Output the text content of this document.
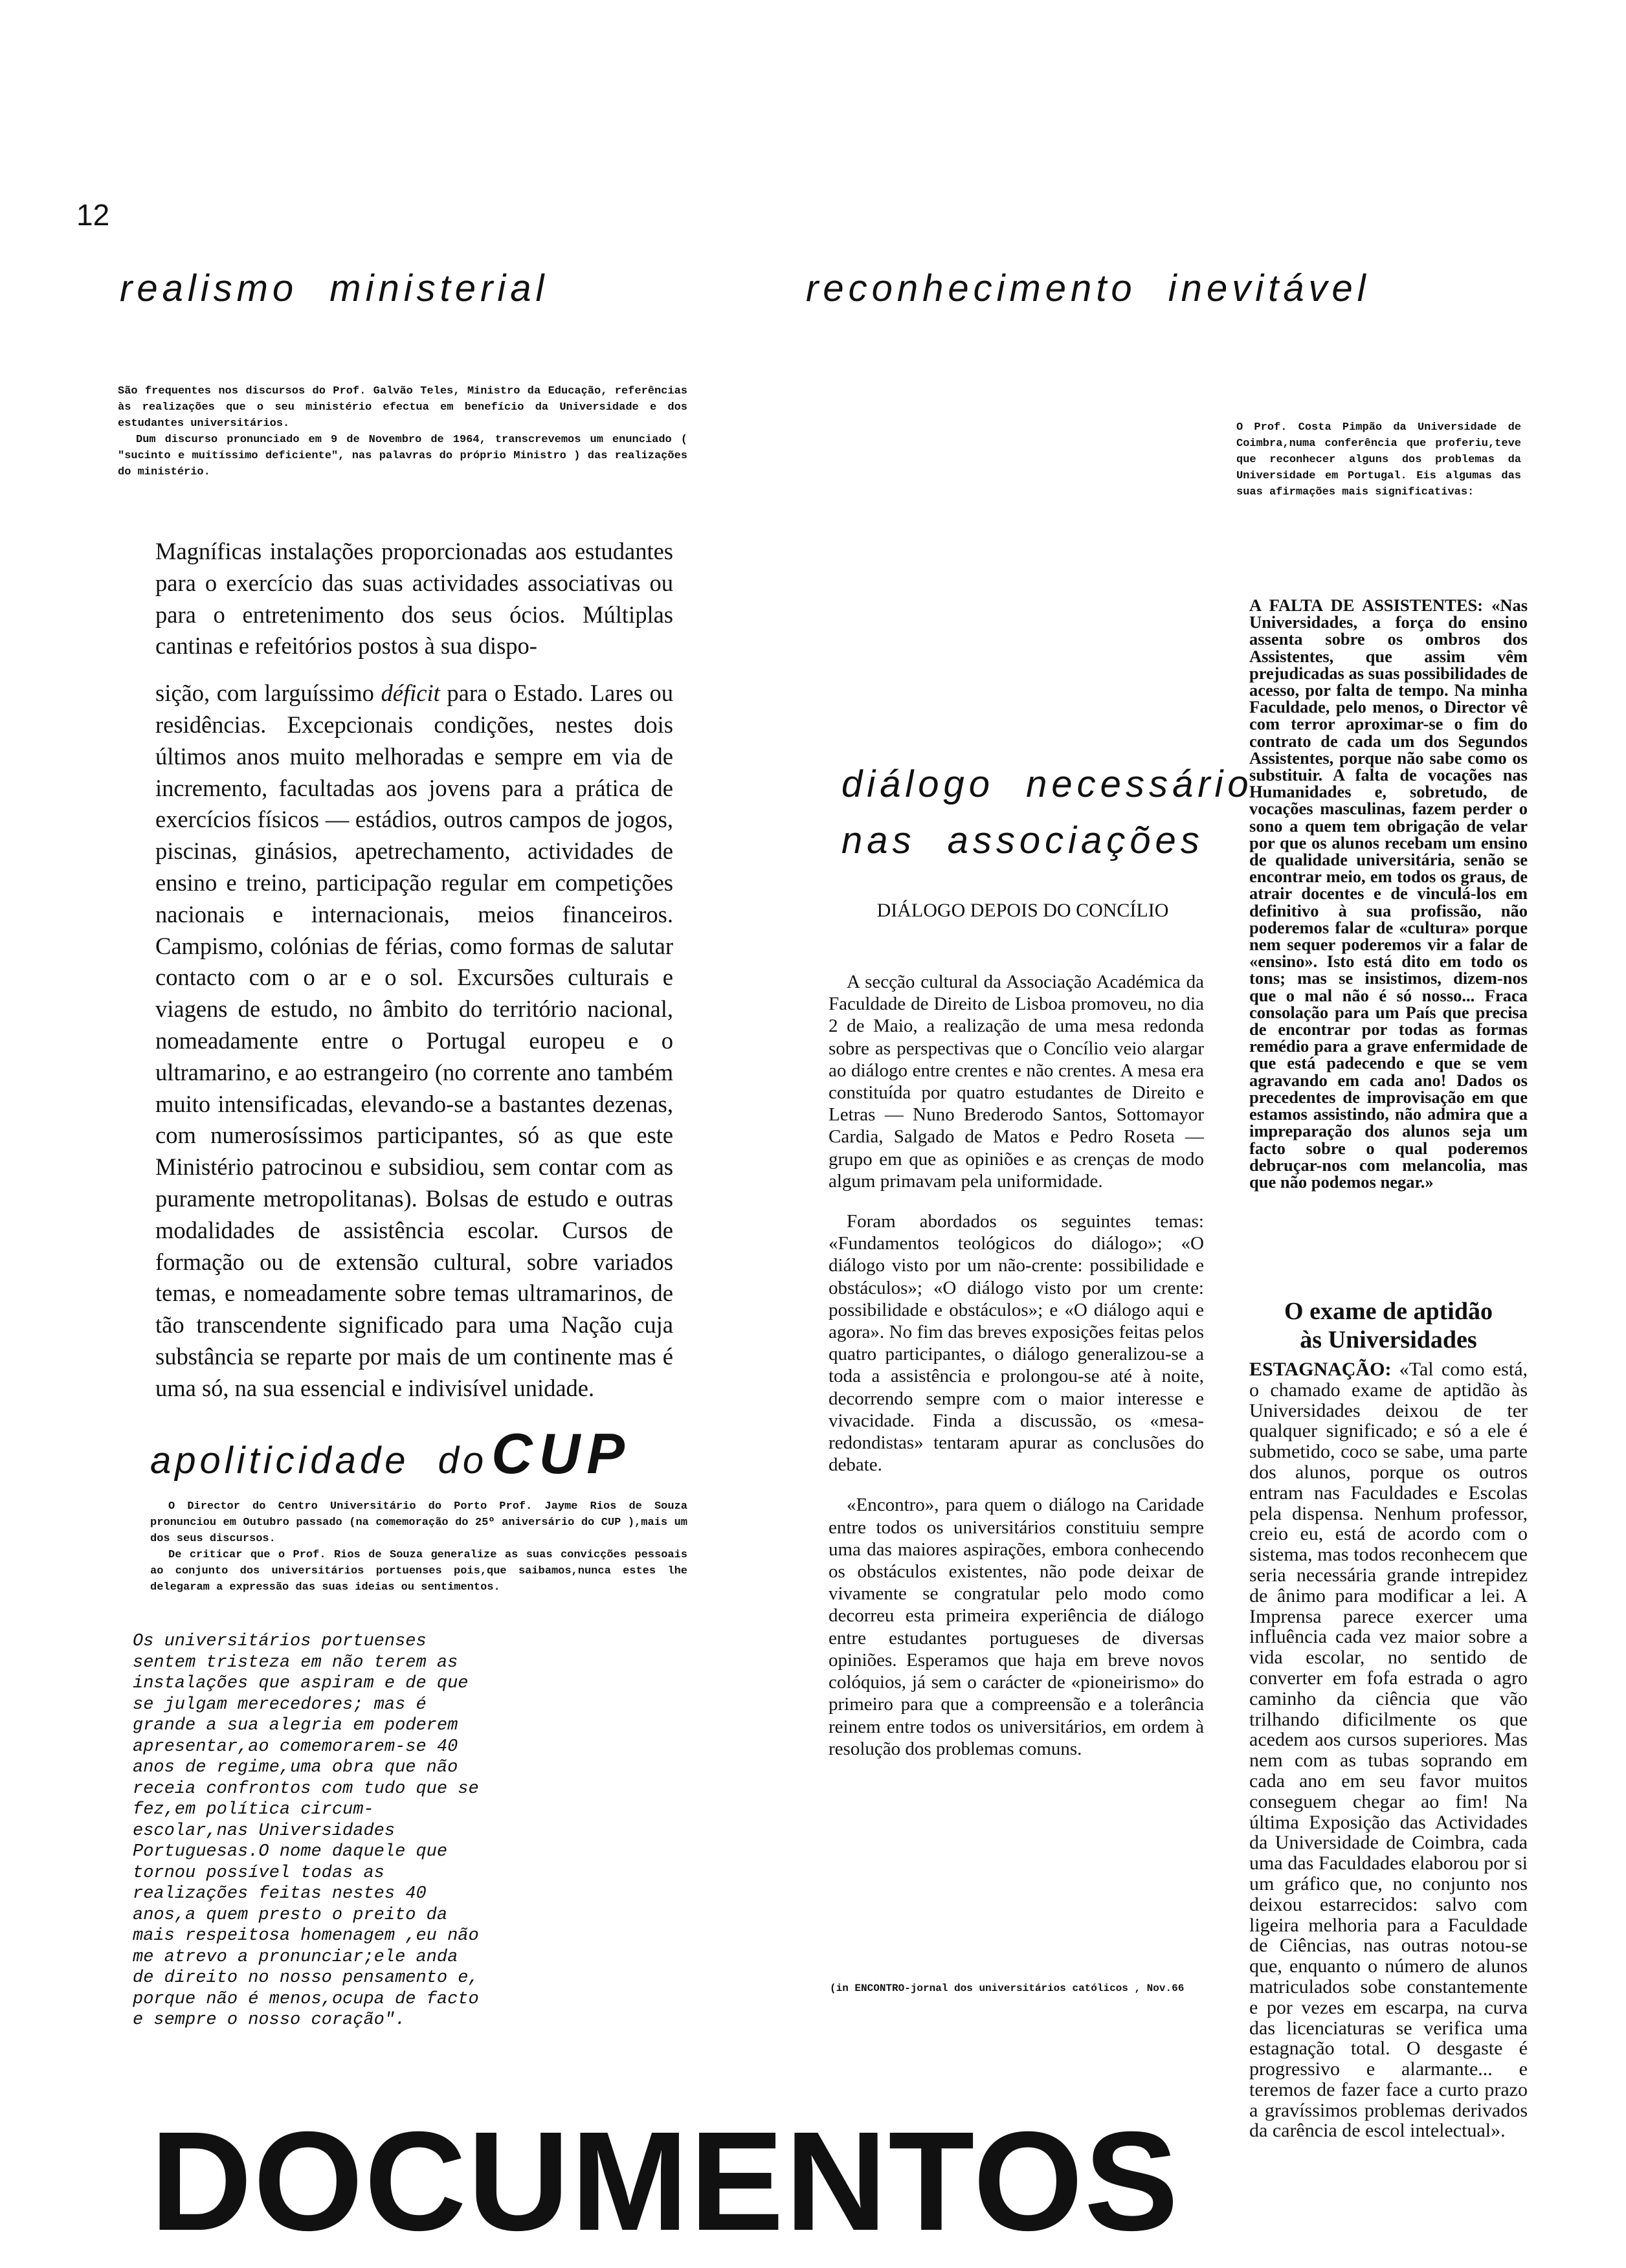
12
realismo ministerial	reconhecimento inevitável

São frequentes nos discursos do Prof. Galvão Teles, Ministro da Educação, referências às realizações que o seu ministério efectua em benefício da Universidade e dos estudantes universitários.

Dum discurso pronunciado em 9 de Novembro de 1964, transcrevemos um enunciado ( "sucinto e muitíssimo deficiente", nas palavras do próprio Ministro ) das realizações do ministério.

Magníficas instalações proporcionadas aos estudantes para o exercício das suas actividades associativas ou para o entretenimento dos seus ócios. Múltiplas cantinas e refeitórios postos à sua dispo-

sição, com larguíssimo déficit para o Estado. Lares ou residências. Excepcionais condições, nestes dois últimos anos muito melhoradas e sempre em via de incremento, facultadas aos jovens para a prática de exercícios físicos — estádios, outros campos de jogos, piscinas, ginásios, apetrechamento, actividades de ensino e treino, participação regular em competições nacionais e internacionais, meios financeiros. Campismo, colónias de férias, como formas de salutar contacto com o ar e o sol. Excursões culturais e viagens de estudo, no âmbito do território nacional, nomeadamente entre o Portugal europeu e o ultramarino, e ao estrangeiro (no corrente ano também muito intensificadas, elevando-se a bastantes dezenas, com numerosíssimos participantes, só as que este Ministério patrocinou e subsidiou, sem contar com as puramente metropolitanas). Bolsas de estudo e outras modalidades de assistência escolar. Cursos de formação ou de extensão cultural, sobre variados temas, e nomeadamente sobre temas ultramarinos, de tão transcendente significado para uma Nação cuja substância se reparte por mais de um continente mas é uma só, na sua essencial e indivisível unidade.

apoliticidade doCUP

O Director do Centro Universitário do Porto Prof. Jayme Rios de Souza pronunciou em Outubro passado (na comemoração do 25º aniversário do CUP ),mais um dos seus discursos.

De criticar que o Prof. Rios de Souza generalize as suas convicções pessoais ao conjunto dos universitários portuenses pois,que saibamos,nunca estes lhe delegaram a expressão das suas ideias ou sentimentos.

Os universitários portuenses sentem tristeza em não terem as instalações que aspiram e de que se julgam merecedores; mas é grande a sua alegria em poderem apresentar,ao comemorarem-se 40 anos de regime,uma obra que não receia confrontos com tudo que se fez,em política circum-escolar,nas Universidades Portuguesas.O nome daquele que tornou possível todas as realizações feitas nestes 40 anos,a quem presto o preito da mais respeitosa homenagem ,eu não me atrevo a pronunciar;ele anda de direito no nosso pensamento e, porque não é menos,ocupa de facto e sempre o nosso coração".
diálogo necessário
nas associações
DIÁLOGO DEPOIS DO CONCÍLIO

A secção cultural da Associação Académica da Faculdade de Direito de Lisboa promoveu, no dia 2 de Maio, a realização de uma mesa redonda sobre as perspectivas que o Concílio veio alargar ao diálogo entre crentes e não crentes. A mesa era constituída por quatro estudantes de Direito e Letras — Nuno Brederodo Santos, Sottomayor Cardia, Salgado de Matos e Pedro Roseta — grupo em que as opiniões e as crenças de modo algum primavam pela uniformidade.

Foram abordados os seguintes temas: «Fundamentos teológicos do diálogo»; «O diálogo visto por um não-crente: possibilidade e obstáculos»; «O diálogo visto por um crente: possibilidade e obstáculos»; e «O diálogo aqui e agora». No fim das breves exposições feitas pelos quatro participantes, o diálogo generalizou-se a toda a assistência e prolongou-se até à noite, decorrendo sempre com o maior interesse e vivacidade. Finda a discussão, os «mesa-redondistas» tentaram apurar as conclusões do debate.

«Encontro», para quem o diálogo na Caridade entre todos os universitários constituiu sempre uma das maiores aspirações, embora conhecendo os obstáculos existentes, não pode deixar de vivamente se congratular pelo modo como decorreu esta primeira experiência de diálogo entre estudantes portugueses de diversas opiniões. Esperamos que haja em breve novos colóquios, já sem o carácter de «pioneirismo» do primeiro para que a compreensão e a tolerância reinem entre todos os universitários, em ordem à resolução dos problemas comuns.

(in ENCONTRO-jornal dos universitários católicos , Nov.66
O Prof. Costa Pimpão da Universidade de Coimbra,numa conferência que proferiu,teve que reconhecer alguns dos problemas da Universidade em Portugal. Eis algumas das suas afirmações mais significativas:

A FALTA DE ASSISTENTES: «Nas Universidades, a força do ensino assenta sobre os ombros dos Assistentes, que assim vêm prejudicadas as suas possibilidades de acesso, por falta de tempo. Na minha Faculdade, pelo menos, o Director vê com terror aproximar-se o fim do contrato de cada um dos Segundos Assistentes, porque não sabe como os substituir. A falta de vocações nas Humanidades e, sobretudo, de vocações masculinas, fazem perder o sono a quem tem obrigação de velar por que os alunos recebam um ensino de qualidade universitária, senão se encontrar meio, em todos os graus, de atrair docentes e de vinculá-los em definitivo à sua profissão, não poderemos falar de «cultura» porque nem sequer poderemos vir a falar de «ensino». Isto está dito em todo os tons; mas se insistimos, dizem-nos que o mal não é só nosso... Fraca consolação para um País que precisa de encontrar por todas as formas remédio para a grave enfermidade de que está padecendo e que se vem agravando em cada ano! Dados os precedentes de improvisação em que estamos assistindo, não admira que a impreparação dos alunos seja um facto sobre o qual poderemos debruçar-nos com melancolia, mas que não podemos negar.»

O exame de aptidão
às Universidades

ESTAGNAÇÃO: «Tal como está, o chamado exame de aptidão às Universidades deixou de ter qualquer significado; e só a ele é submetido, coco se sabe, uma parte dos alunos, porque os outros entram nas Faculdades e Escolas pela dispensa. Nenhum professor, creio eu, está de acordo com o sistema, mas todos reconhecem que seria necessária grande intrepidez de ânimo para modificar a lei. A Imprensa parece exercer uma influência cada vez maior sobre a vida escolar, no sentido de converter em fofa estrada o agro caminho da ciência que vão trilhando dificilmente os que acedem aos cursos superiores. Mas nem com as tubas soprando em cada ano em seu favor muitos conseguem chegar ao fim! Na última Exposição das Actividades da Universidade de Coimbra, cada uma das Faculdades elaborou por si um gráfico que, no conjunto nos deixou estarrecidos: salvo com ligeira melhoria para a Faculdade de Ciências, nas outras notou-se que, enquanto o número de alunos matriculados sobe constantemente e por vezes em escarpa, na curva das licenciaturas se verifica uma estagnação total. O desgaste é progressivo e alarmante... e teremos de fazer face a curto prazo a gravíssimos problemas derivados da carência de escol intelectual».

DOCUMENTOS
